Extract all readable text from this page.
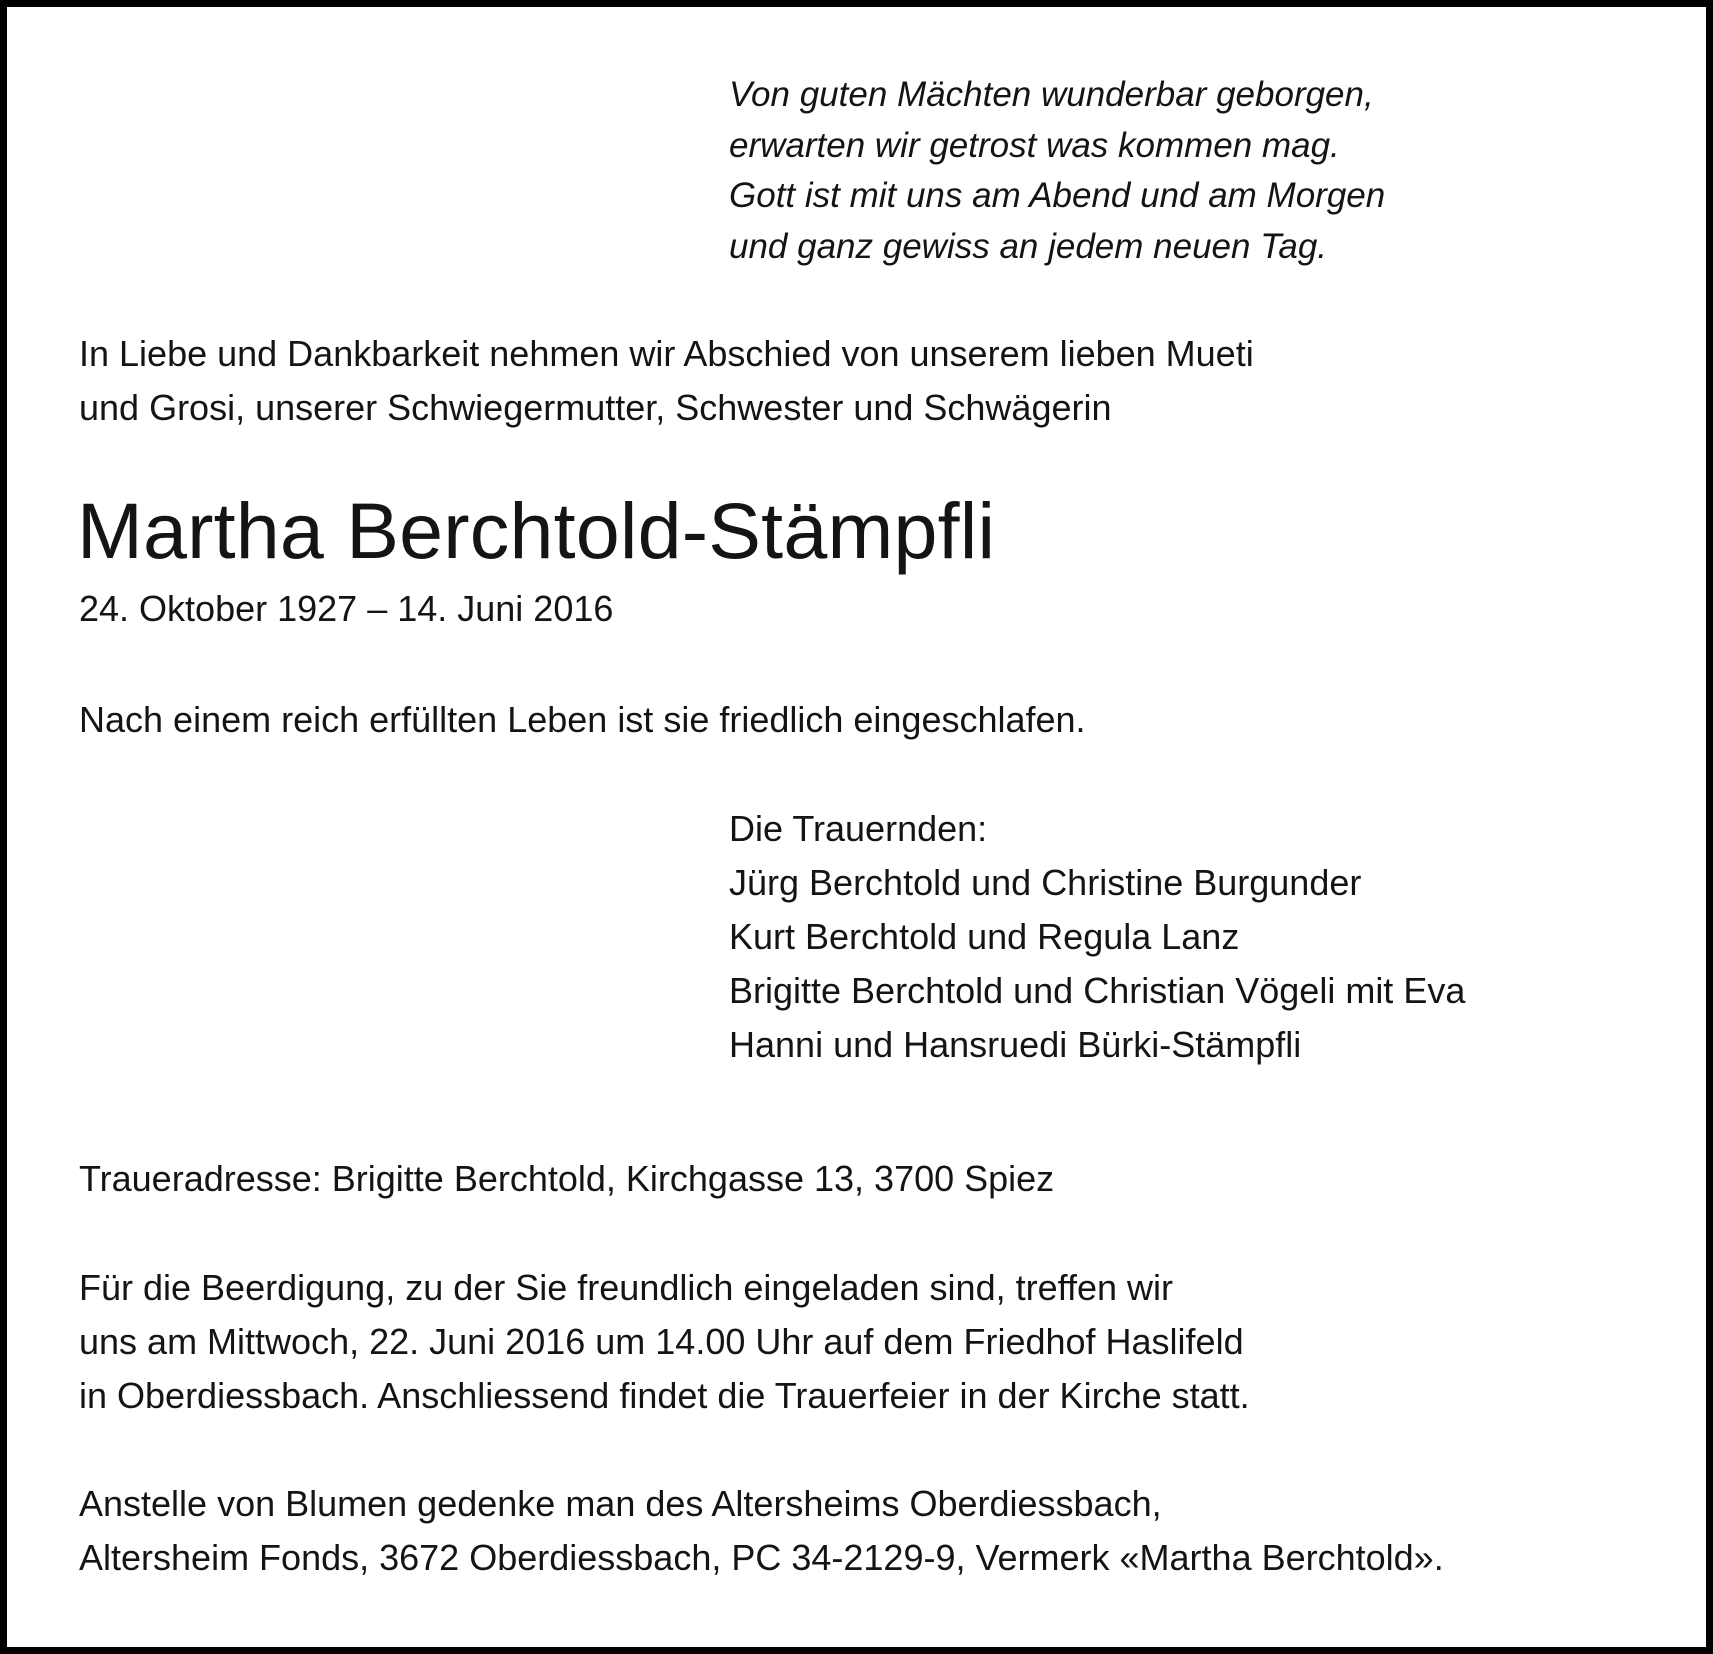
Von guten Mächten wunderbar geborgen,
erwarten wir getrost was kommen mag.
Gott ist mit uns am Abend und am Morgen
und ganz gewiss an jedem neuen Tag.
In Liebe und Dankbarkeit nehmen wir Abschied von unserem lieben Mueti
und Grosi, unserer Schwiegermutter, Schwester und Schwägerin
Martha Berchtold-Stämpfli
24. Oktober 1927 – 14. Juni 2016
Nach einem reich erfüllten Leben ist sie friedlich eingeschlafen.
Die Trauernden:
Jürg Berchtold und Christine Burgunder
Kurt Berchtold und Regula Lanz
Brigitte Berchtold und Christian Vögeli mit Eva
Hanni und Hansruedi Bürki-Stämpfli
Traueradresse: Brigitte Berchtold, Kirchgasse 13, 3700 Spiez
Für die Beerdigung, zu der Sie freundlich eingeladen sind, treffen wir
uns am Mittwoch, 22. Juni 2016 um 14.00 Uhr auf dem Friedhof Haslifeld
in Oberdiessbach. Anschliessend findet die Trauerfeier in der Kirche statt.
Anstelle von Blumen gedenke man des Altersheims Oberdiessbach,
Altersheim Fonds, 3672 Oberdiessbach, PC 34-2129-9, Vermerk «Martha Berchtold».
